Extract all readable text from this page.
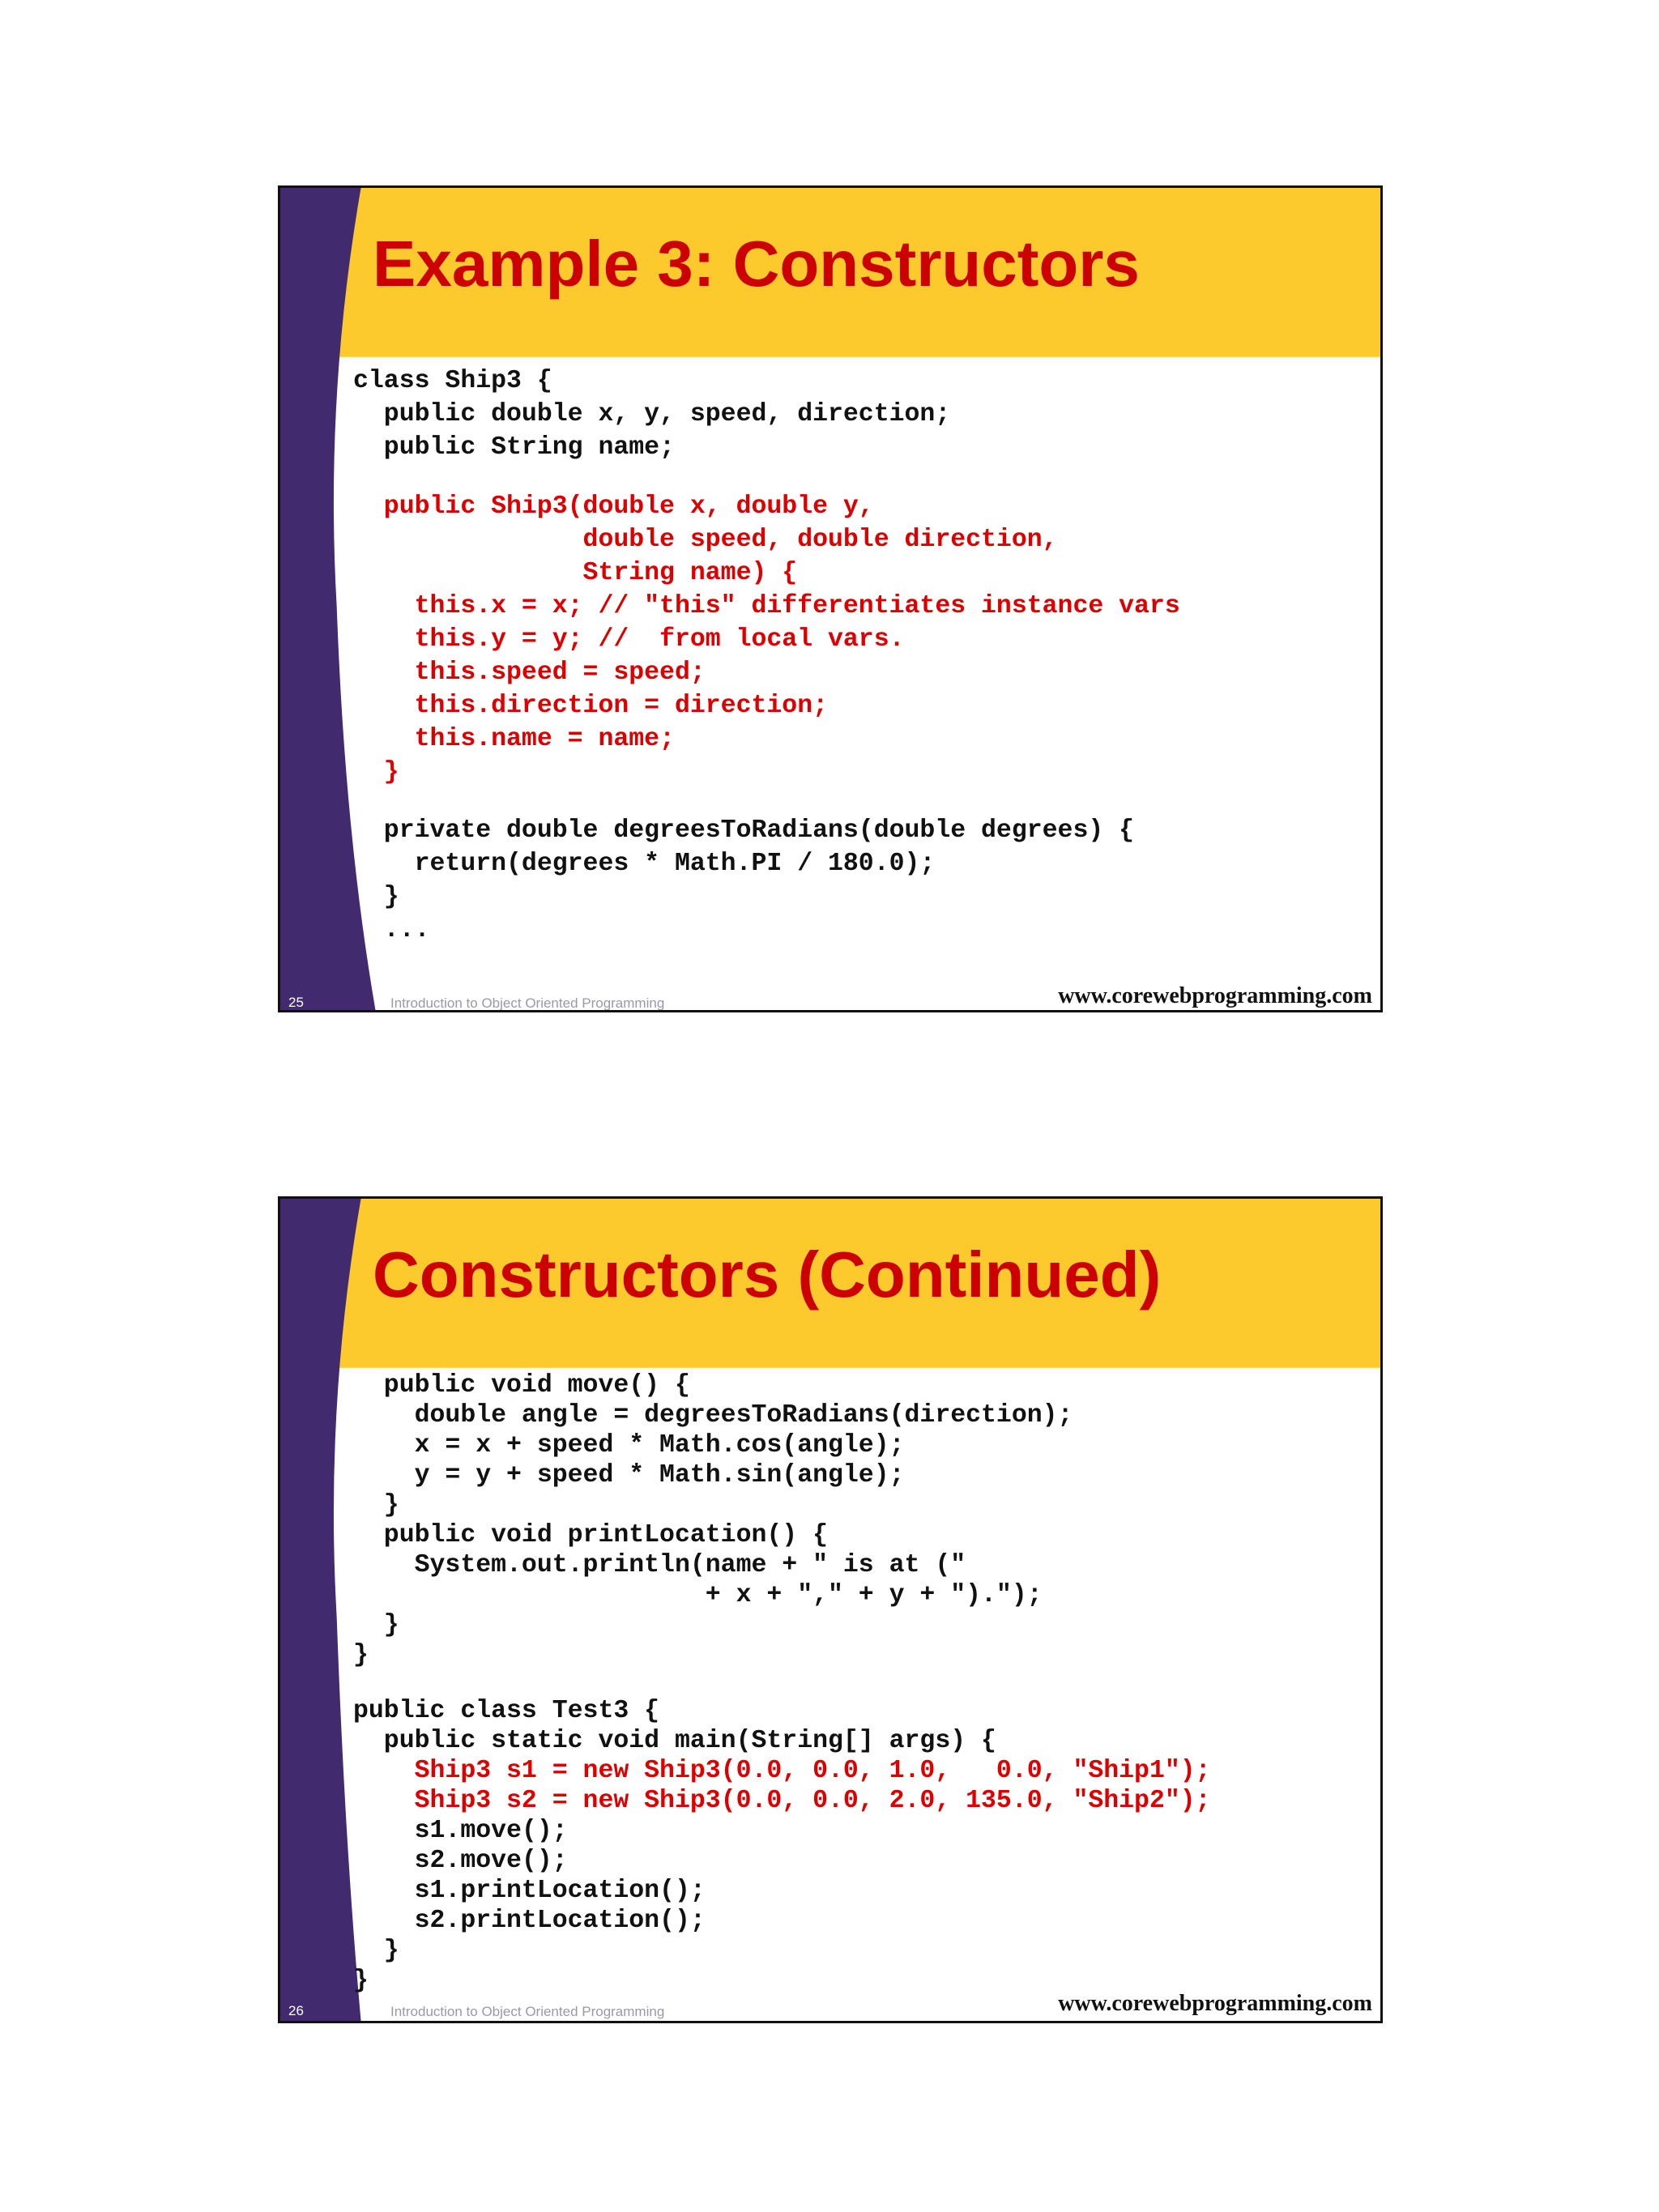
Example 3: Constructors
class Ship3 {
public double x, y, speed, direction;
public String name;
public Ship3(double x, double y,
double speed, double direction,
String name) {
this.x = x; // "this" differentiates instance vars
this.y = y; //  from local vars.
this.speed = speed;
this.direction = direction;
this.name = name;
}
private double degreesToRadians(double degrees) {
return(degrees * Math.PI / 180.0);
}
...
25	Introduction to Object Oriented Programming	www.corewebprogramming.com
Constructors (Continued)
public void move() {
double angle = degreesToRadians(direction);
x = x + speed * Math.cos(angle);
y = y + speed * Math.sin(angle);
}
public void printLocation() {
System.out.println(name + " is at ("
+ x + "," + y + ").");
}
}
public class Test3 {
public static void main(String[] args) {
Ship3 s1 = new Ship3(0.0, 0.0, 1.0,   0.0, "Ship1");
Ship3 s2 = new Ship3(0.0, 0.0, 2.0, 135.0, "Ship2");
s1.move();
s2.move();
s1.printLocation();
s2.printLocation();
}
}
26	Introduction to Object Oriented Programming	www.corewebprogramming.com
